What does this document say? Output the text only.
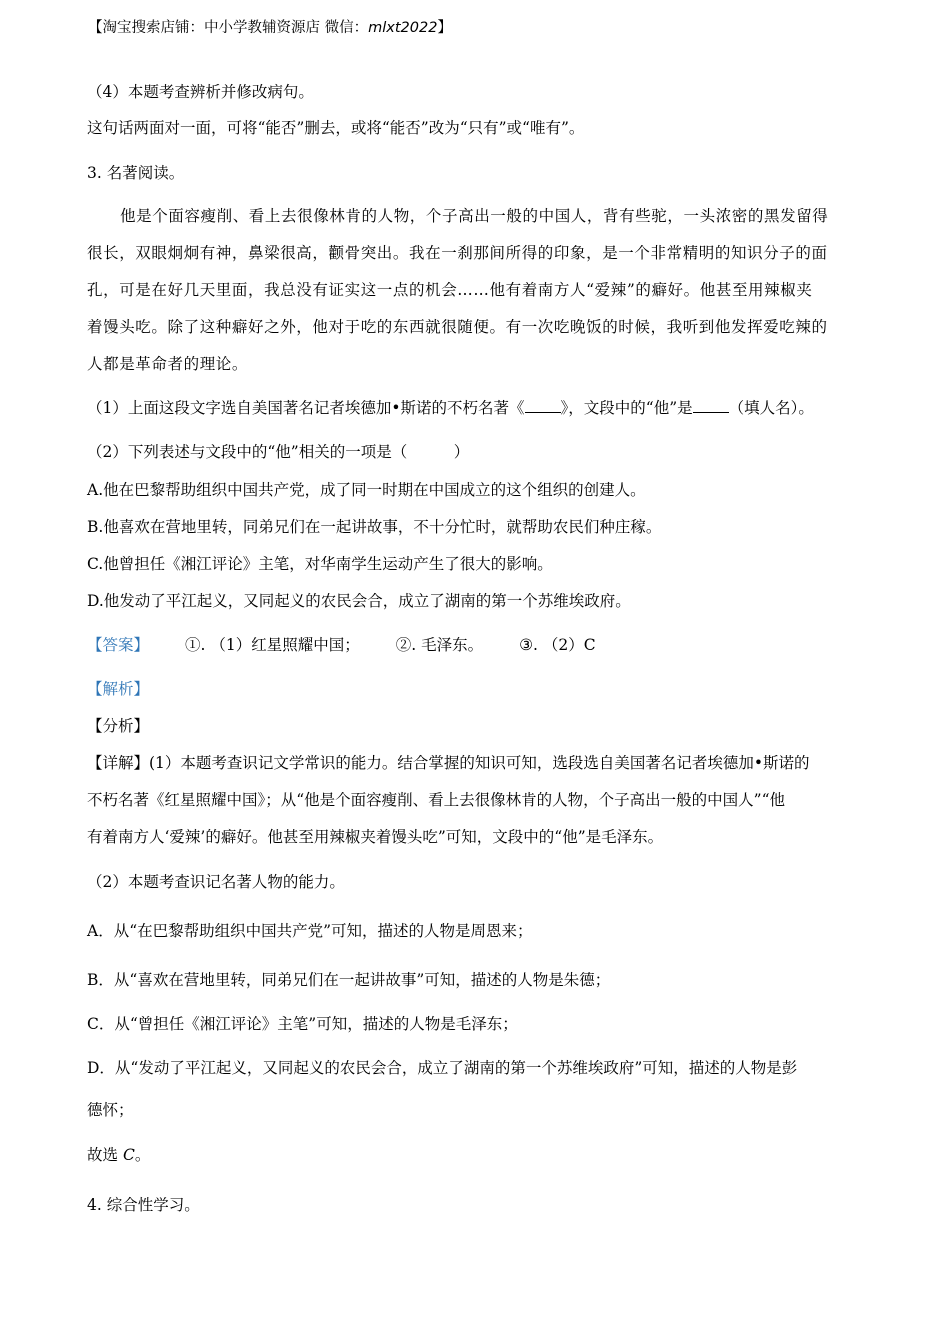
【淘宝搜索店铺：中小学教辅资源店 微信：mlxt2022】
（4）本题考查辨析并修改病句。
这句话两面对一面，可将“能否”删去，或将“能否”改为“只有”或“唯有”。
3. 名著阅读。
他是个面容瘦削、看上去很像林肯的人物，个子高出一般的中国人，背有些驼，一头浓密的黑发留得
很长，双眼炯炯有神，鼻梁很高，颧骨突出。我在一刹那间所得的印象，是一个非常精明的知识分子的面
孔，可是在好几天里面，我总没有证实这一点的机会……他有着南方人“爱辣”的癖好。他甚至用辣椒夹
着馒头吃。除了这种癖好之外，他对于吃的东西就很随便。有一次吃晚饭的时候，我听到他发挥爱吃辣的
人都是革命者的理论。
（1）上面这段文字选自美国著名记者埃德加•斯诺的不朽名著《 》，文段中的“他”是 （填人名）。
（2）下列表述与文段中的“他”相关的一项是（　　　）
A.他在巴黎帮助组织中国共产党，成了同一时期在中国成立的这个组织的创建人。
B.他喜欢在营地里转，同弟兄们在一起讲故事，不十分忙时，就帮助农民们种庄稼。
C.他曾担任《湘江评论》主笔，对华南学生运动产生了很大的影响。
D.他发动了平江起义，又同起义的农民会合，成立了湖南的第一个苏维埃政府。
【答案】 ①. （1）红星照耀中国； ②. 毛泽东。 ③. （2）C
【解析】
【分析】
【详解】(1）本题考查识记文学常识的能力。结合掌握的知识可知，选段选自美国著名记者埃德加•斯诺的
不朽名著《红星照耀中国》；从“他是个面容瘦削、看上去很像林肯的人物，个子高出一般的中国人”“他
有着南方人‘爱辣’的癖好。他甚至用辣椒夹着馒头吃”可知，文段中的“他”是毛泽东。
（2）本题考查识记名著人物的能力。
A．从“在巴黎帮助组织中国共产党”可知，描述的人物是周恩来；
B．从“喜欢在营地里转，同弟兄们在一起讲故事”可知，描述的人物是朱德；
C．从“曾担任《湘江评论》主笔”可知，描述的人物是毛泽东；
D．从“发动了平江起义，又同起义的农民会合，成立了湖南的第一个苏维埃政府”可知，描述的人物是彭
德怀；
故选 C。
4. 综合性学习。
